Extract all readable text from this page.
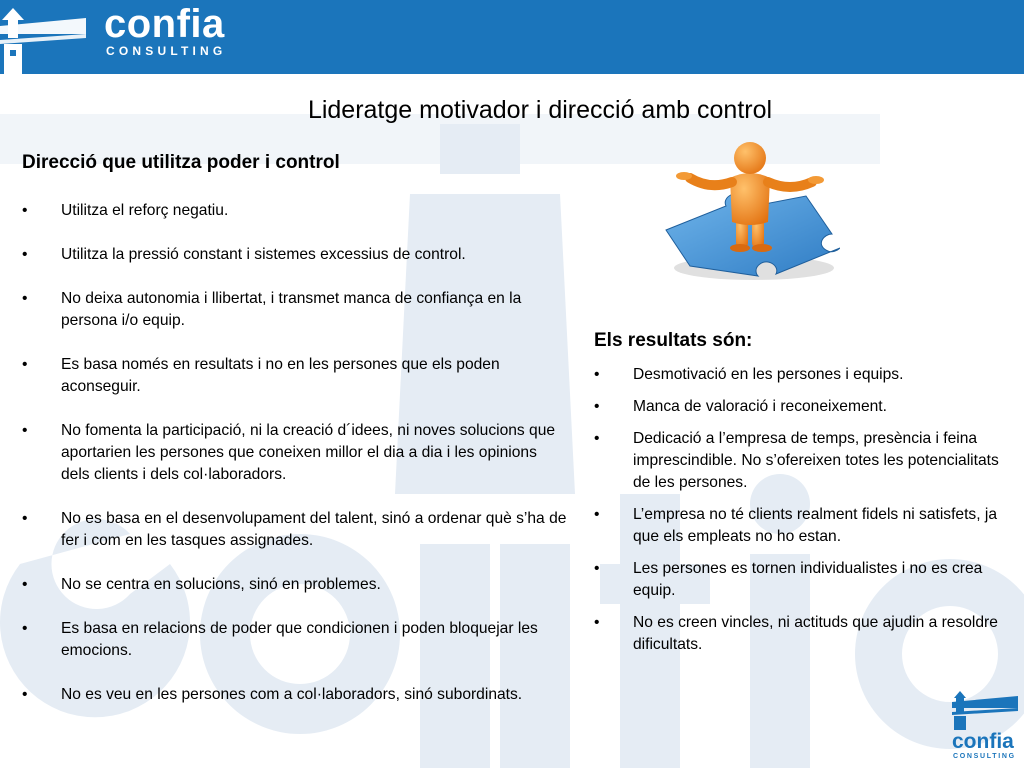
confia
CONSULTING
Lideratge motivador i direcció amb control
Direcció que utilitza poder i control
•	Utilitza el reforç negatiu.
•	Utilitza la pressió constant i sistemes excessius de control.
•	No deixa autonomia i llibertat, i transmet manca de confiança en la persona i/o equip.
•	Es basa només en resultats i no en les persones que els poden aconseguir.
•	No fomenta la participació, ni la creació d´idees, ni noves solucions que aportarien les persones que coneixen millor el dia a dia i les opinions dels clients i dels col·laboradors.
•	No es basa en el desenvolupament del talent, sinó a ordenar què s’ha de fer i com en les tasques assignades.
•	No se centra en solucions, sinó en problemes.
•	Es basa en relacions de poder que condicionen i poden bloquejar les emocions.
•	No es veu en les persones com a col·laboradors, sinó subordinats.
Els resultats són:
•	Desmotivació en les persones i equips.
•	Manca de valoració i reconeixement.
•	Dedicació a l’empresa de temps, presència i feina imprescindible. No s’ofereixen totes les potencialitats de les persones.
•	L’empresa no té clients realment fidels ni satisfets, ja que els empleats no ho estan.
•	Les persones es tornen individualistes i no es crea equip.
•	No es creen vincles, ni actituds que ajudin a resoldre dificultats.
confia
CONSULTING
